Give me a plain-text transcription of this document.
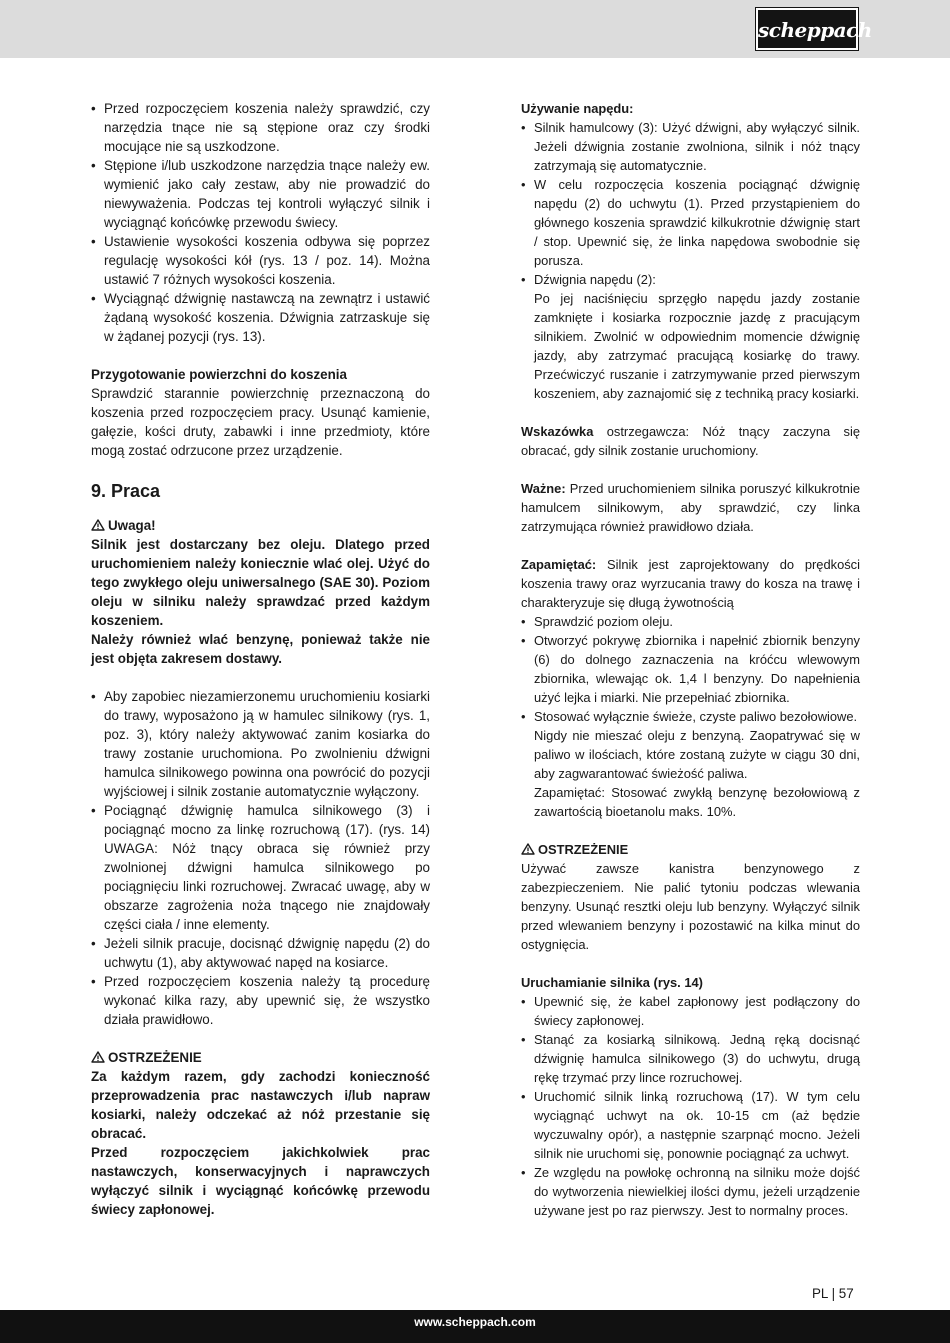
scheppach
• Przed rozpoczęciem koszenia należy sprawdzić, czy narzędzia tnące nie są stępione oraz czy środki mocujące nie są uszkodzone.
• Stępione i/lub uszkodzone narzędzia tnące należy ew. wymienić jako cały zestaw, aby nie prowadzić do niewyważenia. Podczas tej kontroli wyłączyć silnik i wyciągnąć końcówkę przewodu świecy.
• Ustawienie wysokości koszenia odbywa się poprzez regulację wysokości kół (rys. 13 / poz. 14). Można ustawić 7 różnych wysokości koszenia.
• Wyciągnąć dźwignię nastawczą na zewnątrz i ustawić żądaną wysokość koszenia. Dźwignia zatrzaskuje się w żądanej pozycji (rys. 13).
Przygotowanie powierzchni do koszenia

Sprawdzić starannie powierzchnię przeznaczoną do koszenia przed rozpoczęciem pracy. Usunąć kamienie, gałęzie, kości druty, zabawki i inne przedmioty, które mogą zostać odrzucone przez urządzenie.

9. Praca
Uwaga!

Silnik jest dostarczany bez oleju. Dlatego przed uruchomieniem należy koniecznie wlać olej. Użyć do tego zwykłego oleju uniwersalnego (SAE 30). Poziom oleju w silniku należy sprawdzać przed każdym koszeniem.

Należy również wlać benzynę, ponieważ także nie jest objęta zakresem dostawy.

• Aby zapobiec niezamierzonemu uruchomieniu kosiarki do trawy, wyposażono ją w hamulec silnikowy (rys. 1, poz. 3), który należy aktywować zanim kosiarka do trawy zostanie uruchomiona. Po zwolnieniu dźwigni hamulca silnikowego powinna ona powrócić do pozycji wyjściowej i silnik zostanie automatycznie wyłączony.
• Pociągnąć dźwignię hamulca silnikowego (3) i pociągnąć mocno za linkę rozruchową (17). (rys. 14) UWAGA: Nóż tnący obraca się również przy zwolnionej dźwigni hamulca silnikowego po pociągnięciu linki rozruchowej. Zwracać uwagę, aby w obszarze zagrożenia noża tnącego nie znajdowały części ciała / inne elementy.
• Jeżeli silnik pracuje, docisnąć dźwignię napędu (2) do uchwytu (1), aby aktywować napęd na kosiarce.
• Przed rozpoczęciem koszenia należy tą procedurę wykonać kilka razy, aby upewnić się, że wszystko działa prawidłowo.
OSTRZEŻENIE

Za każdym razem, gdy zachodzi konieczność przeprowadzenia prac nastawczych i/lub napraw kosiarki, należy odczekać aż nóż przestanie się obracać.

Przed rozpoczęciem jakichkolwiek prac nastawczych, konserwacyjnych i naprawczych wyłączyć silnik i wyciągnąć końcówkę przewodu świecy zapłonowej.

Używanie napędu:
• Silnik hamulcowy (3): Użyć dźwigni, aby wyłączyć silnik. Jeżeli dźwignia zostanie zwolniona, silnik i nóż tnący zatrzymają się automatycznie.
• W celu rozpoczęcia koszenia pociągnąć dźwignię napędu (2) do uchwytu (1). Przed przystąpieniem do głównego koszenia sprawdzić kilkukrotnie dźwignię start / stop. Upewnić się, że linka napędowa swobodnie się porusza.
• Dźwignia napędu (2):

Po jej naciśnięciu sprzęgło napędu jazdy zostanie zamknięte i kosiarka rozpocznie jazdę z pracującym silnikiem. Zwolnić w odpowiednim momencie dźwignię jazdy, aby zatrzymać pracującą kosiarkę do trawy. Przećwiczyć ruszanie i zatrzymywanie przed pierwszym koszeniem, aby zaznajomić się z techniką pracy kosiarki.

Wskazówka ostrzegawcza: Nóż tnący zaczyna się obracać, gdy silnik zostanie uruchomiony.

Ważne: Przed uruchomieniem silnika poruszyć kilkukrotnie hamulcem silnikowym, aby sprawdzić, czy linka zatrzymująca również prawidłowo działa.

Zapamiętać: Silnik jest zaprojektowany do prędkości koszenia trawy oraz wyrzucania trawy do kosza na trawę i charakteryzuje się długą żywotnością

• Sprawdzić poziom oleju.
• Otworzyć pokrywę zbiornika i napełnić zbiornik benzyny (6) do dolnego zaznaczenia na króćcu wlewowym zbiornika, wlewając ok. 1,4 l benzyny. Do napełnienia użyć lejka i miarki. Nie przepełniać zbiornika.
• Stosować wyłącznie świeże, czyste paliwo bezołowiowe.

Nigdy nie mieszać oleju z benzyną. Zaopatrywać się w paliwo w ilościach, które zostaną zużyte w ciągu 30 dni, aby zagwarantować świeżość paliwa.

Zapamiętać: Stosować zwykłą benzynę bezołowiową z zawartością bioetanolu maks. 10%.

OSTRZEŻENIE

Używać zawsze kanistra benzynowego z zabezpieczeniem. Nie palić tytoniu podczas wlewania benzyny. Usunąć resztki oleju lub benzyny. Wyłączyć silnik przed wlewaniem benzyny i pozostawić na kilka minut do ostygnięcia.

Uruchamianie silnika (rys. 14)
• Upewnić się, że kabel zapłonowy jest podłączony do świecy zapłonowej.
• Stanąć za kosiarką silnikową. Jedną ręką docisnąć dźwignię hamulca silnikowego (3) do uchwytu, drugą rękę trzymać przy lince rozruchowej.
• Uruchomić silnik linką rozruchową (17). W tym celu wyciągnąć uchwyt na ok. 10-15 cm (aż będzie wyczuwalny opór), a następnie szarpnąć mocno. Jeżeli silnik nie uruchomi się, ponownie pociągnąć za uchwyt.
• Ze względu na powłokę ochronną na silniku może dojść do wytworzenia niewielkiej ilości dymu, jeżeli urządzenie używane jest po raz pierwszy. Jest to normalny proces.
PL | 57
www.scheppach.com
